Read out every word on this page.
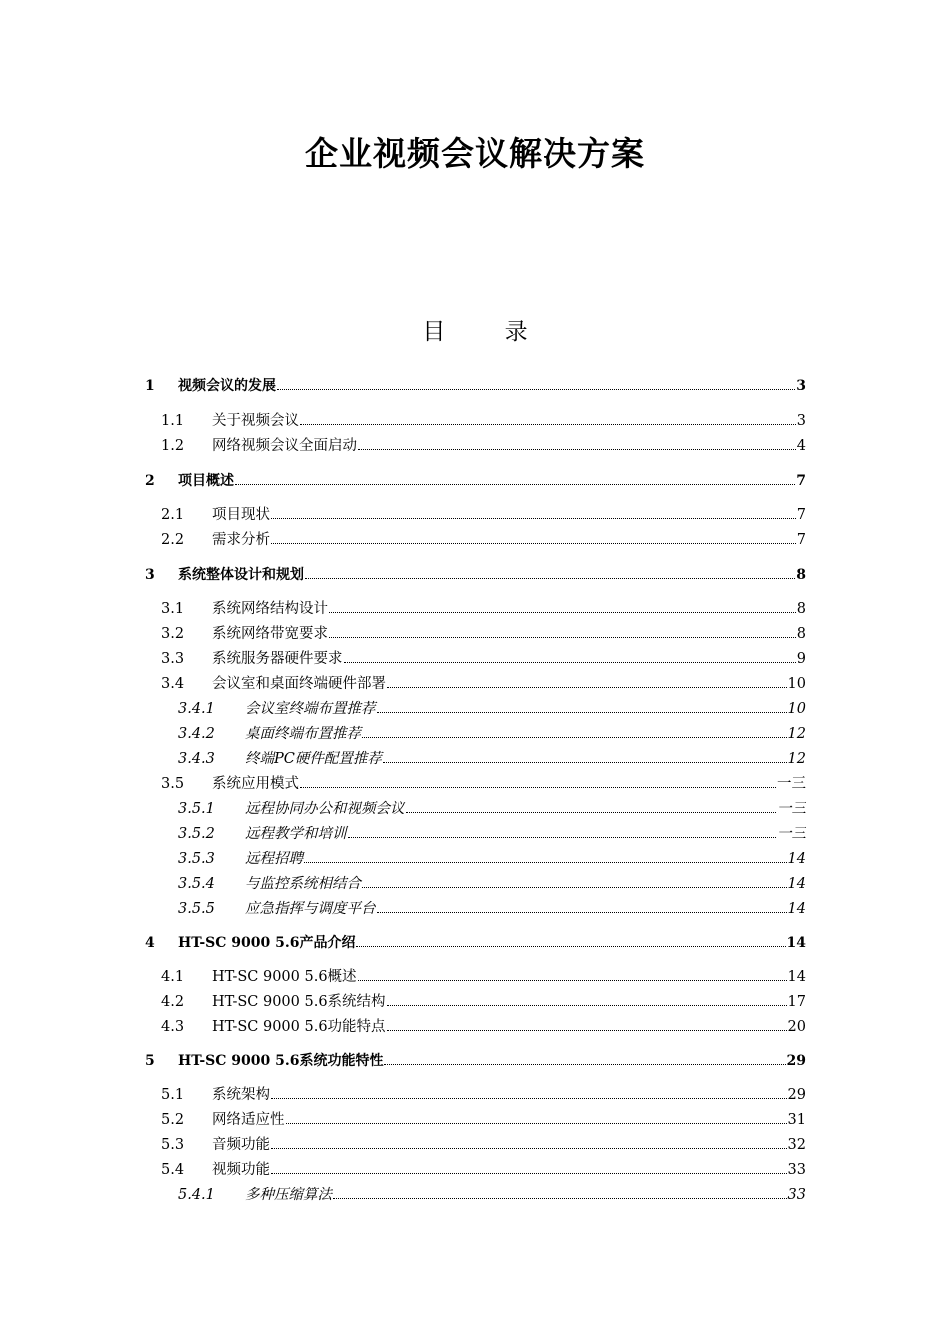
企业视频会议解决方案
目 录
1 视频会议的发展	3
1.1 关于视频会议	3
1.2 网络视频会议全面启动	4
2 项目概述	7
2.1 项目现状	7
2.2 需求分析	7
3 系统整体设计和规划	8
3.1 系统网络结构设计	8
3.2 系统网络带宽要求	8
3.3 系统服务器硬件要求	9
3.4 会议室和桌面终端硬件部署	10
3.4.1 会议室终端布置推荐	10
3.4.2 桌面终端布置推荐	12
3.4.3 终端PC硬件配置推荐	12
3.5 系统应用模式	一三
3.5.1 远程协同办公和视频会议	一三
3.5.2 远程教学和培训	一三
3.5.3 远程招聘	14
3.5.4 与监控系统相结合	14
3.5.5 应急指挥与调度平台	14
4 HT-SC 9000 5.6产品介绍	14
4.1 HT-SC 9000 5.6概述	14
4.2 HT-SC 9000 5.6系统结构	17
4.3 HT-SC 9000 5.6功能特点	20
5 HT-SC 9000 5.6系统功能特性	29
5.1 系统架构	29
5.2 网络适应性	31
5.3 音频功能	32
5.4 视频功能	33
5.4.1 多种压缩算法	33
